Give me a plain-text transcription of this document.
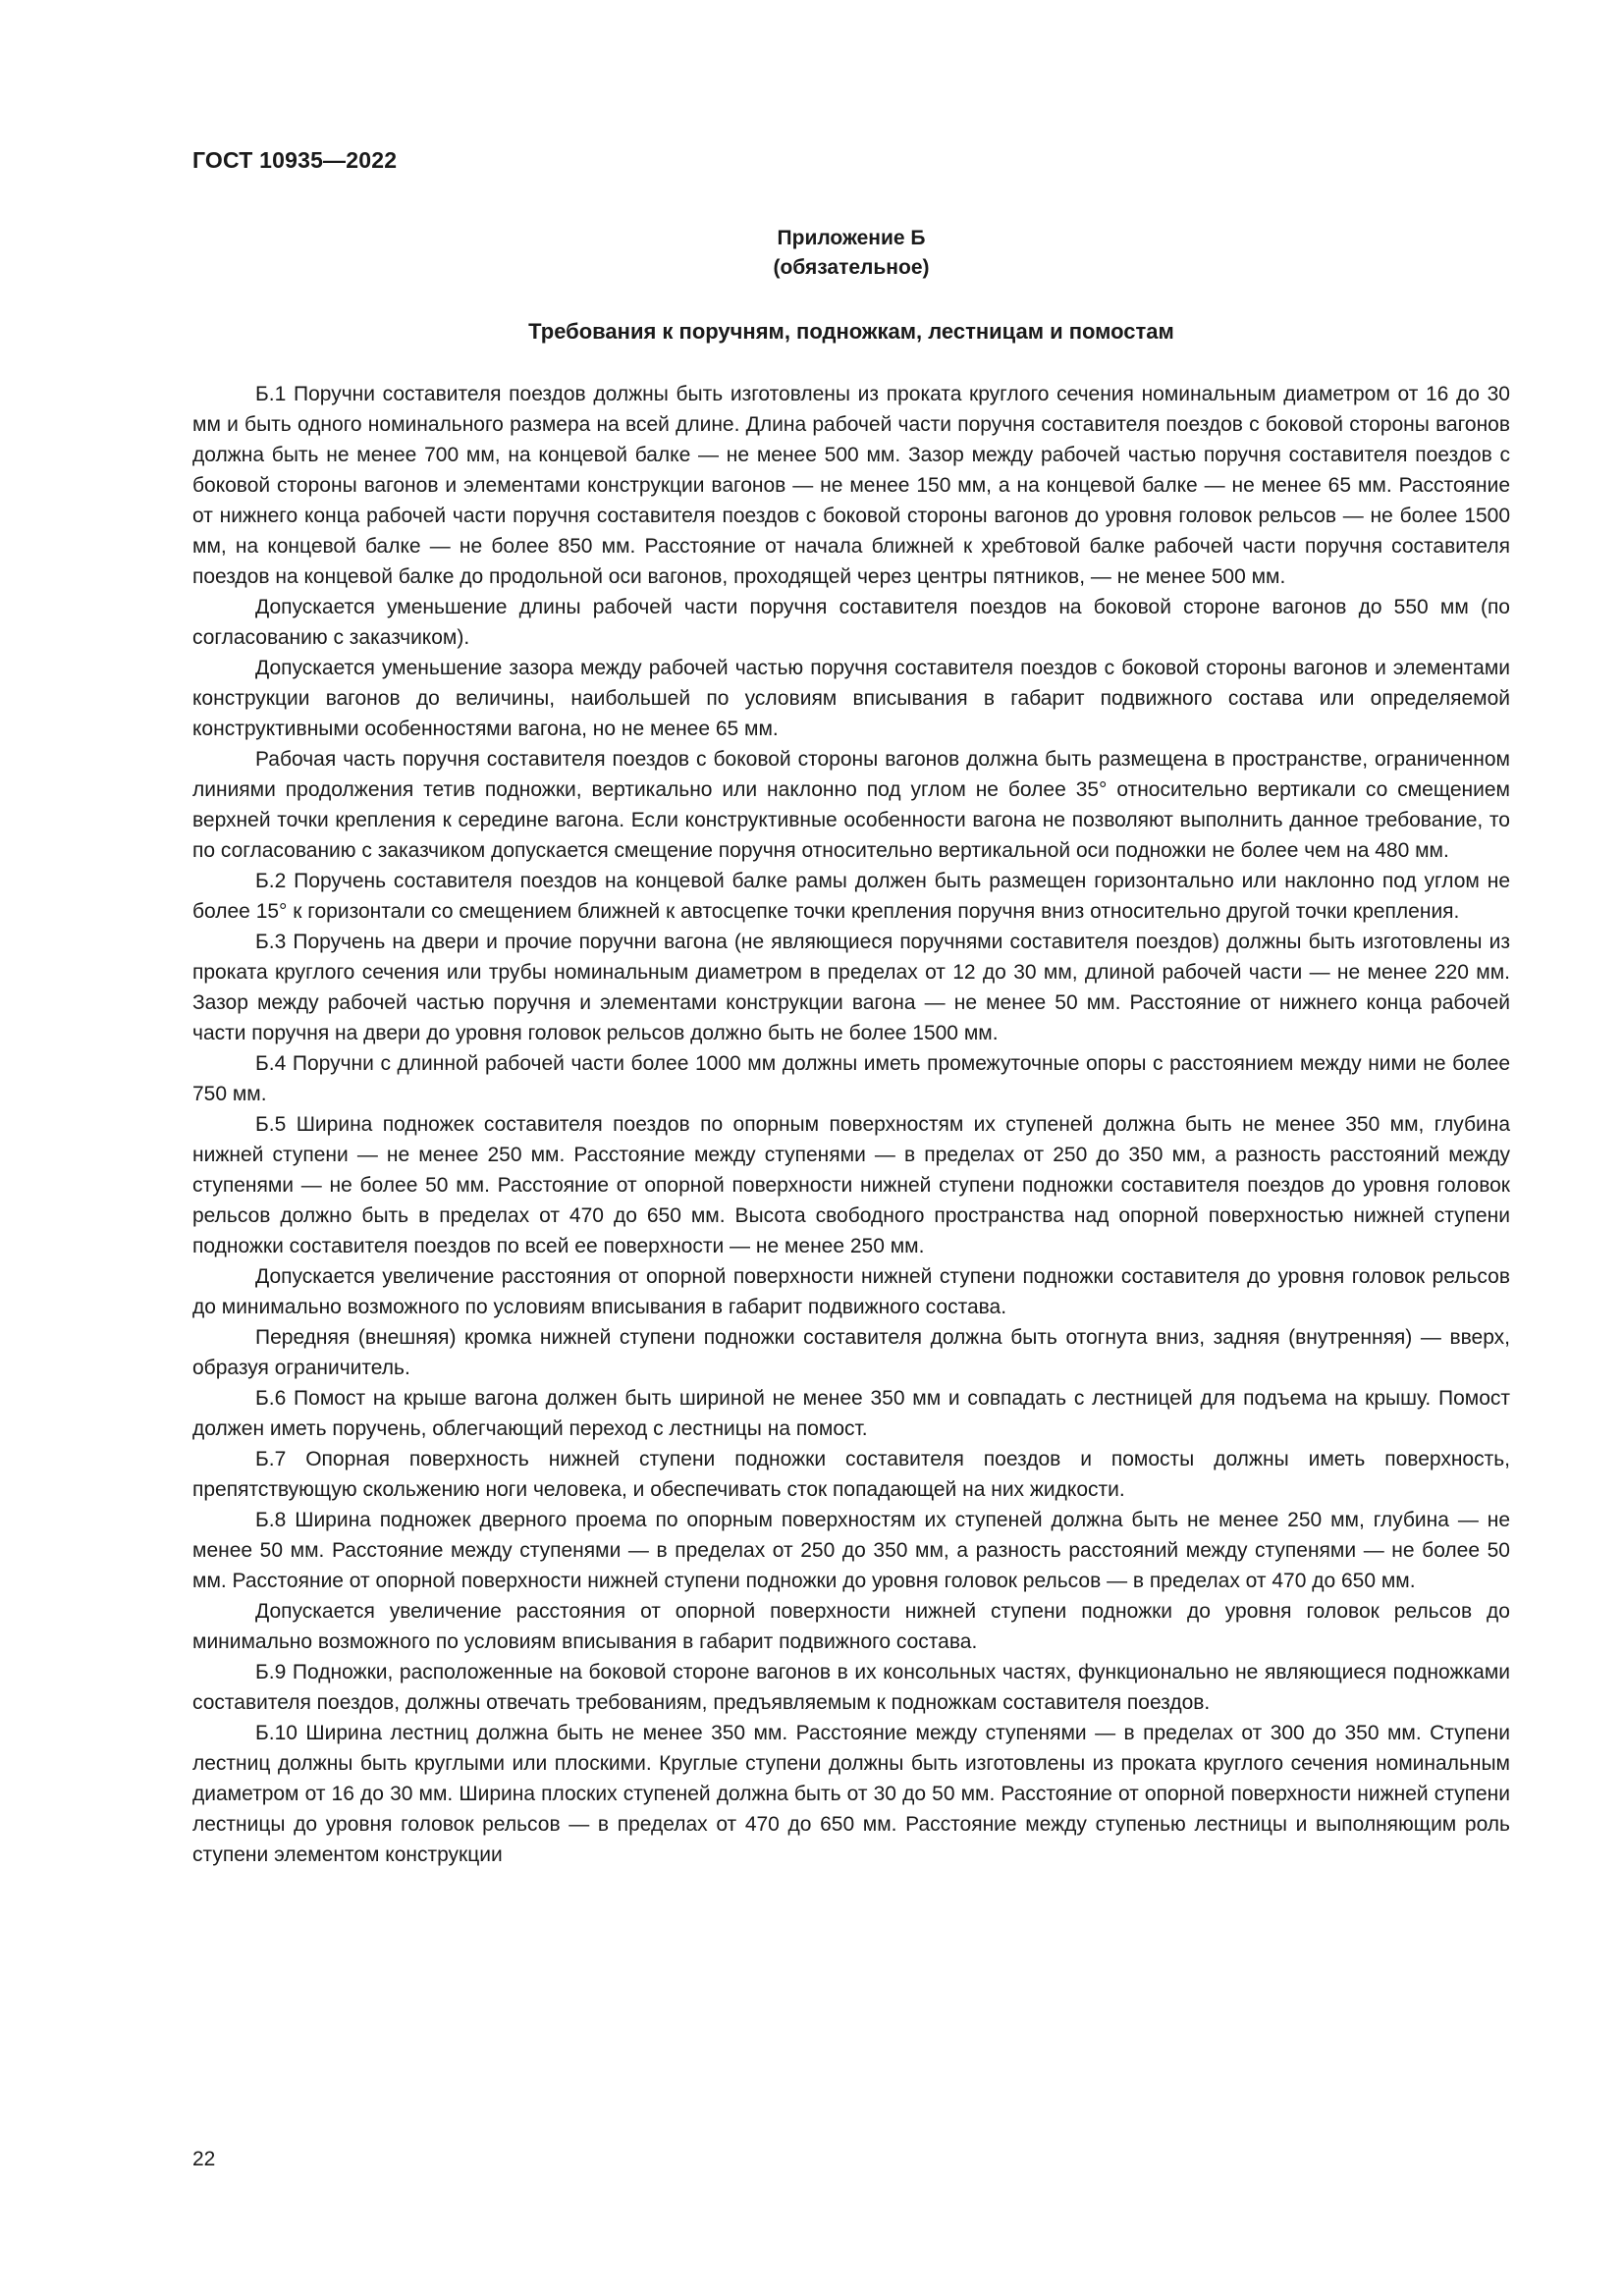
ГОСТ 10935—2022
Приложение Б
(обязательное)
Требования к поручням, подножкам, лестницам и помостам

Б.1 Поручни составителя поездов должны быть изготовлены из проката круглого сечения номинальным диаметром от 16 до 30 мм и быть одного номинального размера на всей длине. Длина рабочей части поручня составителя поездов с боковой стороны вагонов должна быть не менее 700 мм, на концевой балке — не менее 500 мм. Зазор между рабочей частью поручня составителя поездов с боковой стороны вагонов и элементами конструкции вагонов — не менее 150 мм, а на концевой балке — не менее 65 мм. Расстояние от нижнего конца рабочей части поручня составителя поездов с боковой стороны вагонов до уровня головок рельсов — не более 1500 мм, на концевой балке — не более 850 мм. Расстояние от начала ближней к хребтовой балке рабочей части поручня составителя поездов на концевой балке до продольной оси вагонов, проходящей через центры пятников, — не менее 500 мм.

Допускается уменьшение длины рабочей части поручня составителя поездов на боковой стороне вагонов до 550 мм (по согласованию с заказчиком).

Допускается уменьшение зазора между рабочей частью поручня составителя поездов с боковой стороны вагонов и элементами конструкции вагонов до величины, наибольшей по условиям вписывания в габарит подвижного состава или определяемой конструктивными особенностями вагона, но не менее 65 мм.

Рабочая часть поручня составителя поездов с боковой стороны вагонов должна быть размещена в пространстве, ограниченном линиями продолжения тетив подножки, вертикально или наклонно под углом не более 35° относительно вертикали со смещением верхней точки крепления к середине вагона. Если конструктивные особенности вагона не позволяют выполнить данное требование, то по согласованию с заказчиком допускается смещение поручня относительно вертикальной оси подножки не более чем на 480 мм.

Б.2 Поручень составителя поездов на концевой балке рамы должен быть размещен горизонтально или наклонно под углом не более 15° к горизонтали со смещением ближней к автосцепке точки крепления поручня вниз относительно другой точки крепления.

Б.3 Поручень на двери и прочие поручни вагона (не являющиеся поручнями составителя поездов) должны быть изготовлены из проката круглого сечения или трубы номинальным диаметром в пределах от 12 до 30 мм, длиной рабочей части — не менее 220 мм. Зазор между рабочей частью поручня и элементами конструкции вагона — не менее 50 мм. Расстояние от нижнего конца рабочей части поручня на двери до уровня головок рельсов должно быть не более 1500 мм.

Б.4 Поручни с длинной рабочей части более 1000 мм должны иметь промежуточные опоры с расстоянием между ними не более 750 мм.

Б.5 Ширина подножек составителя поездов по опорным поверхностям их ступеней должна быть не менее 350 мм, глубина нижней ступени — не менее 250 мм. Расстояние между ступенями — в пределах от 250 до 350 мм, а разность расстояний между ступенями — не более 50 мм. Расстояние от опорной поверхности нижней ступени подножки составителя поездов до уровня головок рельсов должно быть в пределах от 470 до 650 мм. Высота свободного пространства над опорной поверхностью нижней ступени подножки составителя поездов по всей ее поверхности — не менее 250 мм.

Допускается увеличение расстояния от опорной поверхности нижней ступени подножки составителя до уровня головок рельсов до минимально возможного по условиям вписывания в габарит подвижного состава.

Передняя (внешняя) кромка нижней ступени подножки составителя должна быть отогнута вниз, задняя (внутренняя) — вверх, образуя ограничитель.

Б.6 Помост на крыше вагона должен быть шириной не менее 350 мм и совпадать с лестницей для подъема на крышу. Помост должен иметь поручень, облегчающий переход с лестницы на помост.

Б.7 Опорная поверхность нижней ступени подножки составителя поездов и помосты должны иметь поверхность, препятствующую скольжению ноги человека, и обеспечивать сток попадающей на них жидкости.

Б.8 Ширина подножек дверного проема по опорным поверхностям их ступеней должна быть не менее 250 мм, глубина — не менее 50 мм. Расстояние между ступенями — в пределах от 250 до 350 мм, а разность расстояний между ступенями — не более 50 мм. Расстояние от опорной поверхности нижней ступени подножки до уровня головок рельсов — в пределах от 470 до 650 мм.

Допускается увеличение расстояния от опорной поверхности нижней ступени подножки до уровня головок рельсов до минимально возможного по условиям вписывания в габарит подвижного состава.

Б.9 Подножки, расположенные на боковой стороне вагонов в их консольных частях, функционально не являющиеся подножками составителя поездов, должны отвечать требованиям, предъявляемым к подножкам составителя поездов.

Б.10 Ширина лестниц должна быть не менее 350 мм. Расстояние между ступенями — в пределах от 300 до 350 мм. Ступени лестниц должны быть круглыми или плоскими. Круглые ступени должны быть изготовлены из проката круглого сечения номинальным диаметром от 16 до 30 мм. Ширина плоских ступеней должна быть от 30 до 50 мм. Расстояние от опорной поверхности нижней ступени лестницы до уровня головок рельсов — в пределах от 470 до 650 мм. Расстояние между ступенью лестницы и выполняющим роль ступени элементом конструкции

22
